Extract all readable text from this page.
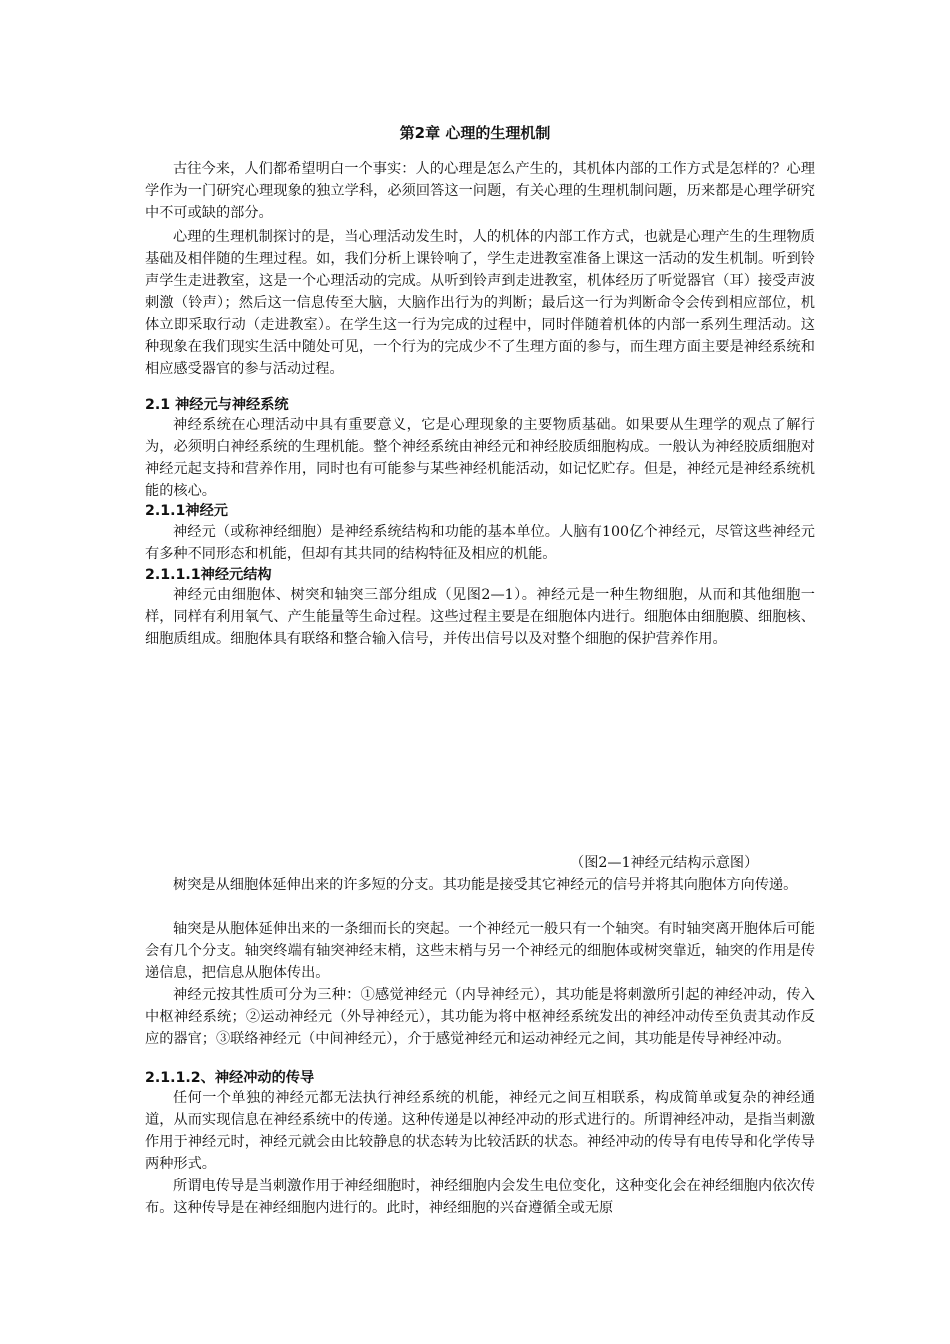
第2章 心理的生理机制

古往今来，人们都希望明白一个事实：人的心理是怎么产生的，其机体内部的工作方式是怎样的？心理学作为一门研究心理现象的独立学科，必须回答这一问题，有关心理的生理机制问题，历来都是心理学研究中不可或缺的部分。

心理的生理机制探讨的是，当心理活动发生时，人的机体的内部工作方式，也就是心理产生的生理物质基础及相伴随的生理过程。如，我们分析上课铃响了，学生走进教室准备上课这一活动的发生机制。听到铃声学生走进教室，这是一个心理活动的完成。从听到铃声到走进教室，机体经历了听觉器官（耳）接受声波刺激（铃声）；然后这一信息传至大脑，大脑作出行为的判断；最后这一行为判断命令会传到相应部位，机体立即采取行动（走进教室）。在学生这一行为完成的过程中，同时伴随着机体的内部一系列生理活动。这种现象在我们现实生活中随处可见，一个行为的完成少不了生理方面的参与，而生理方面主要是神经系统和相应感受器官的参与活动过程。

2.1 神经元与神经系统

神经系统在心理活动中具有重要意义，它是心理现象的主要物质基础。如果要从生理学的观点了解行为，必须明白神经系统的生理机能。整个神经系统由神经元和神经胶质细胞构成。一般认为神经胶质细胞对神经元起支持和营养作用，同时也有可能参与某些神经机能活动，如记忆贮存。但是，神经元是神经系统机能的核心。

2.1.1神经元

神经元（或称神经细胞）是神经系统结构和功能的基本单位。人脑有100亿个神经元，尽管这些神经元有多种不同形态和机能，但却有其共同的结构特征及相应的机能。

2.1.1.1神经元结构

神经元由细胞体、树突和轴突三部分组成（见图2—1）。神经元是一种生物细胞，从而和其他细胞一样，同样有利用氧气、产生能量等生命过程。这些过程主要是在细胞体内进行。细胞体由细胞膜、细胞核、细胞质组成。细胞体具有联络和整合输入信号，并传出信号以及对整个细胞的保护营养作用。

（图2—1神经元结构示意图）

树突是从细胞体延伸出来的许多短的分支。其功能是接受其它神经元的信号并将其向胞体方向传递。

轴突是从胞体延伸出来的一条细而长的突起。一个神经元一般只有一个轴突。有时轴突离开胞体后可能会有几个分支。轴突终端有轴突神经末梢，这些末梢与另一个神经元的细胞体或树突靠近，轴突的作用是传递信息，把信息从胞体传出。

神经元按其性质可分为三种：①感觉神经元（内导神经元），其功能是将刺激所引起的神经冲动，传入中枢神经系统；②运动神经元（外导神经元），其功能为将中枢神经系统发出的神经冲动传至负责其动作反应的器官；③联络神经元（中间神经元），介于感觉神经元和运动神经元之间，其功能是传导神经冲动。

2.1.1.2、神经冲动的传导

任何一个单独的神经元都无法执行神经系统的机能，神经元之间互相联系，构成简单或复杂的神经通道，从而实现信息在神经系统中的传递。这种传递是以神经冲动的形式进行的。所谓神经冲动，是指当刺激作用于神经元时，神经元就会由比较静息的状态转为比较活跃的状态。神经冲动的传导有电传导和化学传导两种形式。

所谓电传导是当刺激作用于神经细胞时，神经细胞内会发生电位变化，这种变化会在神经细胞内依次传布。这种传导是在神经细胞内进行的。此时，神经细胞的兴奋遵循全或无原
